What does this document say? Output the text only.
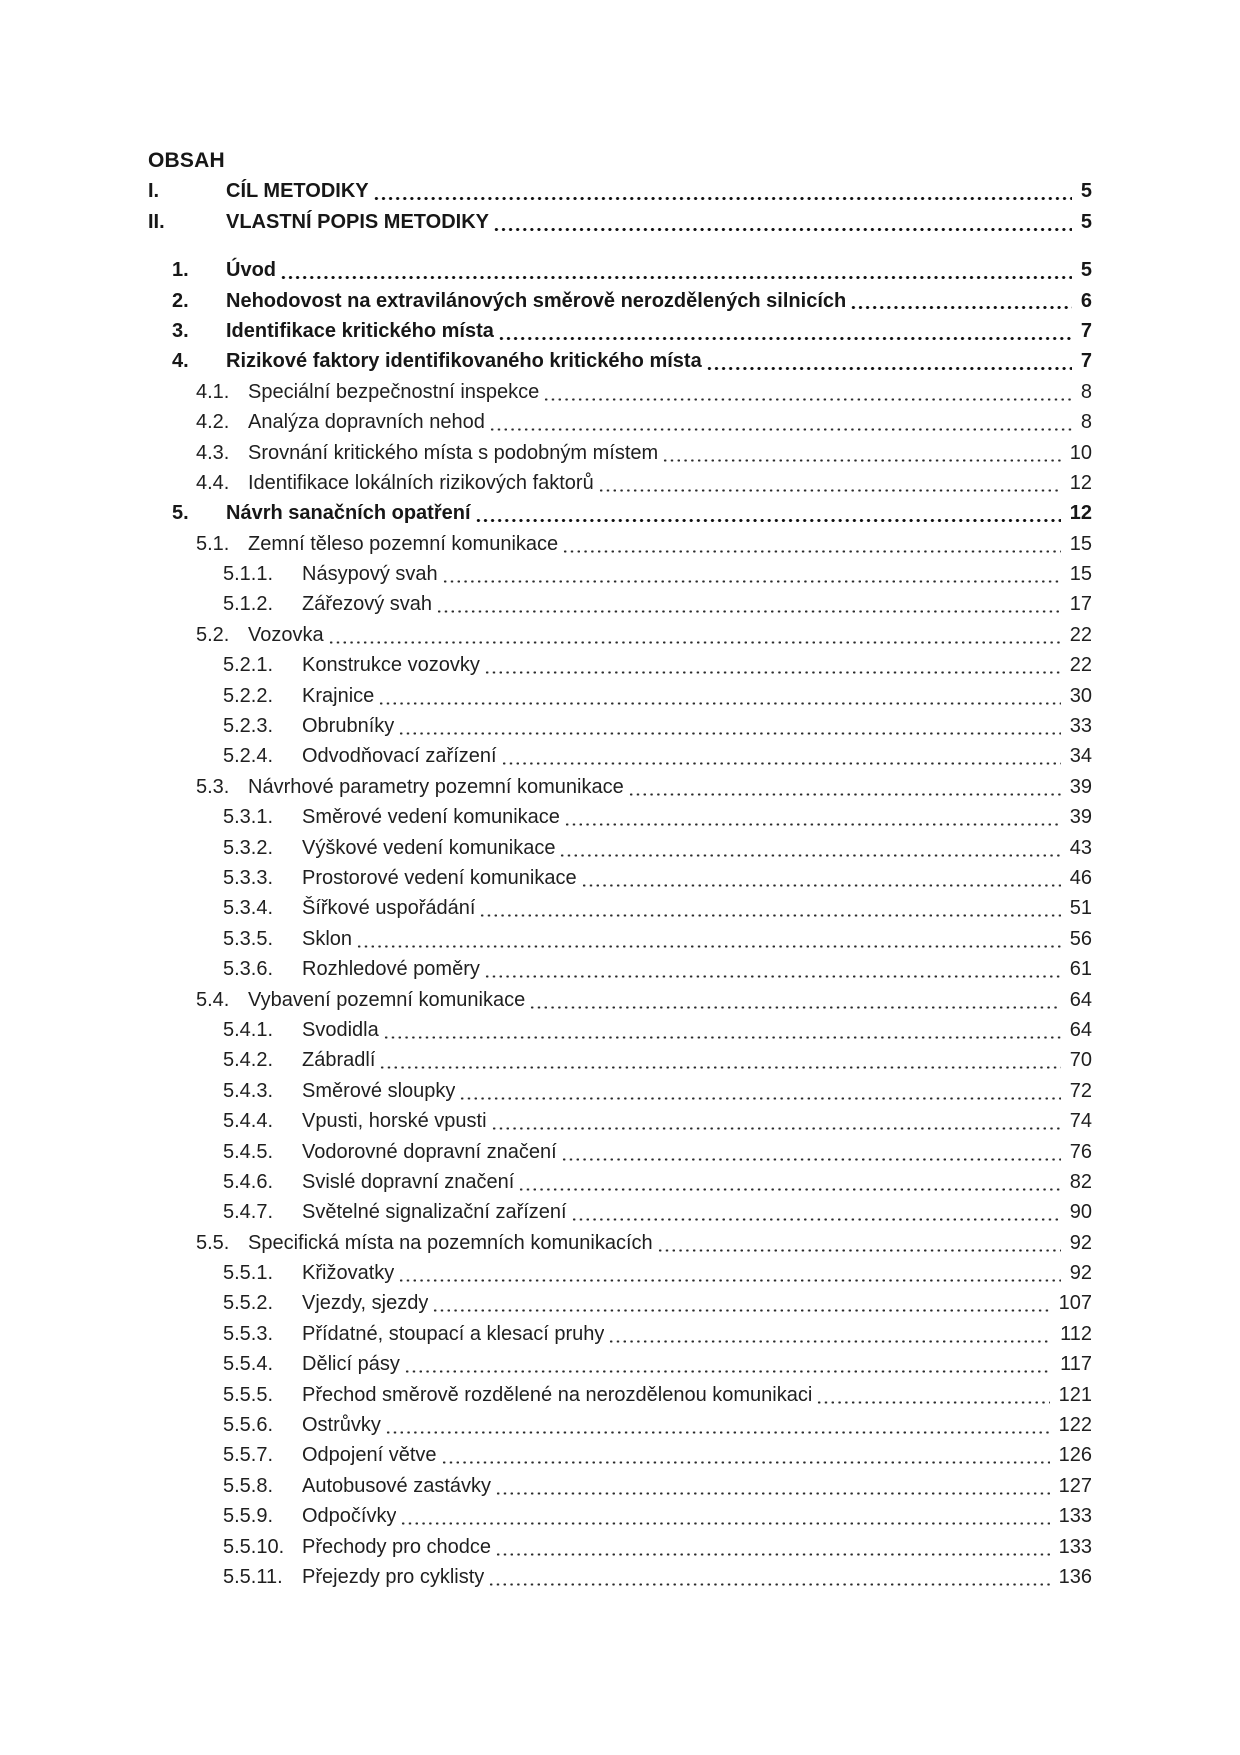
OBSAH
I.	CÍL METODIKY	5
II.	VLASTNÍ POPIS METODIKY	5
1.	Úvod	5
2.	Nehodovost na extravilánových směrově nerozdělených silnicích	6
3.	Identifikace kritického místa	7
4.	Rizikové faktory identifikovaného kritického místa	7
4.1. Speciální bezpečnostní inspekce	8
4.2. Analýza dopravních nehod	8
4.3. Srovnání kritického místa s podobným místem	10
4.4. Identifikace lokálních rizikových faktorů	12
5.	Návrh sanačních opatření	12
5.1. Zemní těleso pozemní komunikace	15
5.1.1.	Násypový svah	15
5.1.2.	Zářezový svah	17
5.2. Vozovka	22
5.2.1.	Konstrukce vozovky	22
5.2.2.	Krajnice	30
5.2.3.	Obrubníky	33
5.2.4.	Odvodňovací zařízení	34
5.3. Návrhové parametry pozemní komunikace	39
5.3.1.	Směrové vedení komunikace	39
5.3.2.	Výškové vedení komunikace	43
5.3.3.	Prostorové vedení komunikace	46
5.3.4.	Šířkové uspořádání	51
5.3.5.	Sklon	56
5.3.6.	Rozhledové poměry	61
5.4. Vybavení pozemní komunikace	64
5.4.1.	Svodidla	64
5.4.2.	Zábradlí	70
5.4.3.	Směrové sloupky	72
5.4.4.	Vpusti, horské vpusti	74
5.4.5.	Vodorovné dopravní značení	76
5.4.6.	Svislé dopravní značení	82
5.4.7.	Světelné signalizační zařízení	90
5.5. Specifická místa na pozemních komunikacích	92
5.5.1.	Křižovatky	92
5.5.2.	Vjezdy, sjezdy	107
5.5.3.	Přídatné, stoupací a klesací pruhy	112
5.5.4.	Dělicí pásy	117
5.5.5.	Přechod směrově rozdělené na nerozdělenou komunikaci	121
5.5.6.	Ostrůvky	122
5.5.7.	Odpojení větve	126
5.5.8.	Autobusové zastávky	127
5.5.9.	Odpočívky	133
5.5.10. Přechody pro chodce	133
5.5.11. Přejezdy pro cyklisty	136
